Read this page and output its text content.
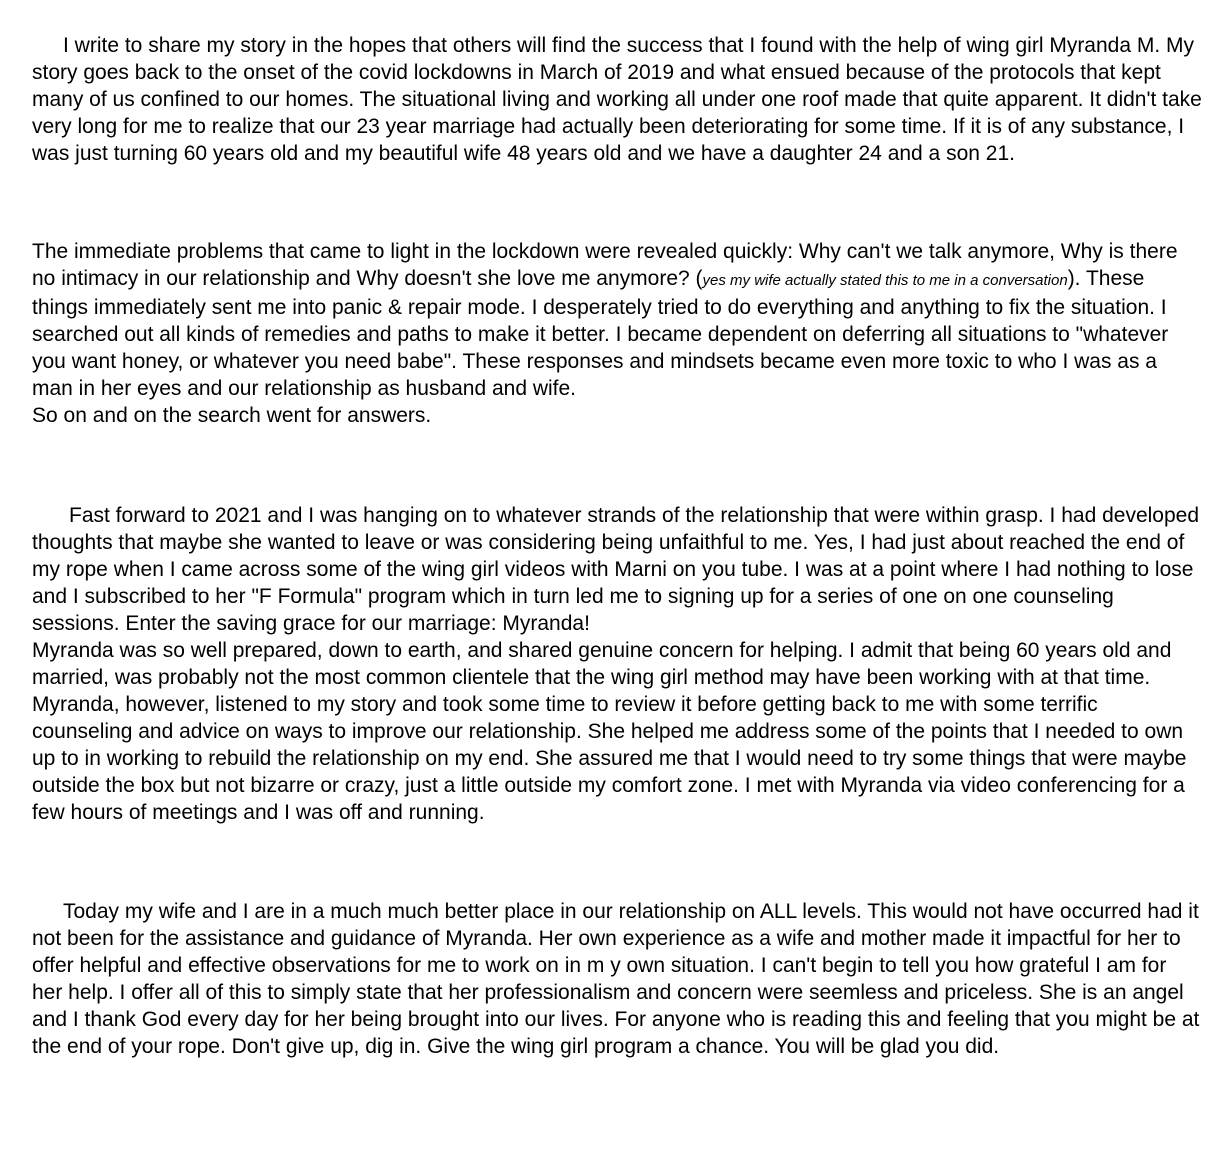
I write to share my story in the hopes that others will find the success that I found with the help of wing girl Myranda M. My story goes back to the onset of the covid lockdowns in March of 2019 and what ensued because of the protocols that kept many of us confined to our homes. The situational living and working all under one roof made that quite apparent. It didn't take very long for me to realize that our 23 year marriage had actually been deteriorating for some time. If it is of any substance, I was just turning 60 years old and my beautiful wife 48 years old and we have a daughter 24 and a son 21.

The immediate problems that came to light in the lockdown were revealed quickly: Why can't we talk anymore, Why is there no intimacy in our relationship and Why doesn't she love me anymore? (yes my wife actually stated this to me in a conversation). These things immediately sent me into panic & repair mode. I desperately tried to do everything and anything to fix the situation. I searched out all kinds of remedies and paths to make it better. I became dependent on deferring all situations to "whatever you want honey, or whatever you need babe". These responses and mindsets became even more toxic to who I was as a man in her eyes and our relationship as husband and wife.
So on and on the search went for answers.

Fast forward to 2021 and I was hanging on to whatever strands of the relationship that were within grasp. I had developed thoughts that maybe she wanted to leave or was considering being unfaithful to me. Yes, I had just about reached the end of my rope when I came across some of the wing girl videos with Marni on you tube. I was at a point where I had nothing to lose and I subscribed to her "F Formula" program which in turn led me to signing up for a series of one on one counseling sessions. Enter the saving grace for our marriage: Myranda!

Myranda was so well prepared, down to earth, and shared genuine concern for helping. I admit that being 60 years old and married, was probably not the most common clientele that the wing girl method may have been working with at that time. Myranda, however, listened to my story and took some time to review it before getting back to me with some terrific counseling and advice on ways to improve our relationship. She helped me address some of the points that I needed to own up to in working to rebuild the relationship on my end. She assured me that I would need to try some things that were maybe outside the box but not bizarre or crazy, just a little outside my comfort zone. I met with Myranda via video conferencing for a few hours of meetings and I was off and running.

Today my wife and I are in a much much better place in our relationship on ALL levels. This would not have occurred had it not been for the assistance and guidance of Myranda. Her own experience as a wife and mother made it impactful for her to offer helpful and effective observations for me to work on in m y own situation. I can't begin to tell you how grateful I am for her help. I offer all of this to simply state that her professionalism and concern were seemless and priceless. She is an angel and I thank God every day for her being brought into our lives. For anyone who is reading this and feeling that you might be at the end of your rope. Don't give up, dig in. Give the wing girl program a chance. You will be glad you did.
